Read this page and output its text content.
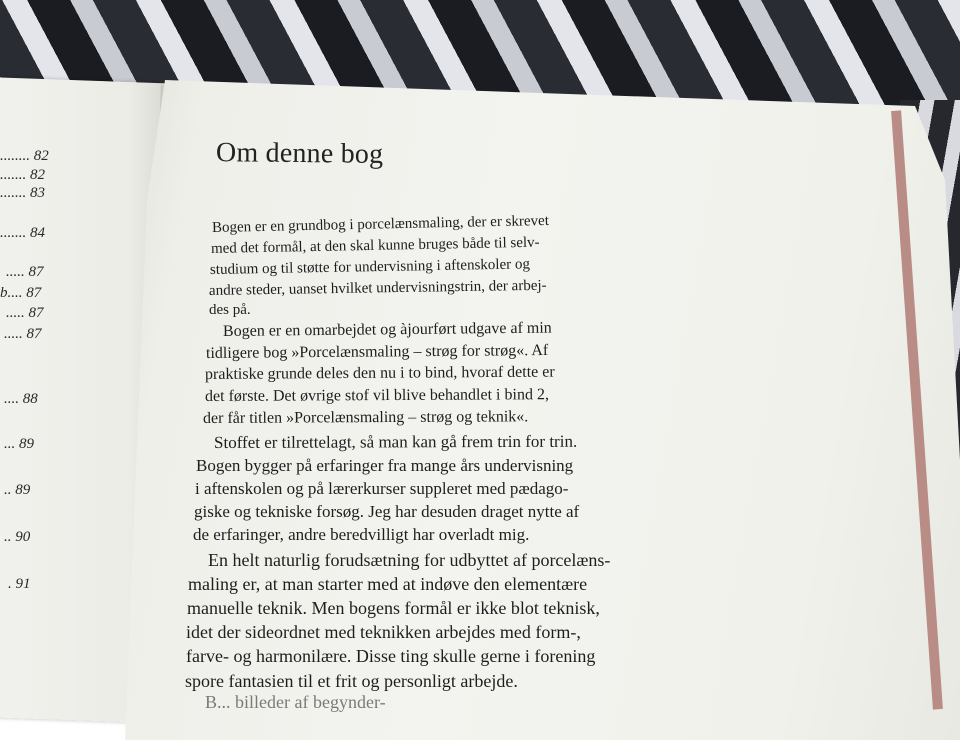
........ 82
....... 82
....... 83
....... 84
..... 87
b.... 87
..... 87
..... 87
.... 88
... 89
.. 89
.. 90
. 91
Om denne bog
Bogen er en grundbog i porcelænsmaling, der er skrevet
med det formål, at den skal kunne bruges både til selv-
studium og til støtte for undervisning i aftenskoler og
andre steder, uanset hvilket undervisningstrin, der arbej-
des på.
Bogen er en omarbejdet og àjourført udgave af min
tidligere bog »Porcelænsmaling – strøg for strøg«. Af
praktiske grunde deles den nu i to bind, hvoraf dette er
det første. Det øvrige stof vil blive behandlet i bind 2,
der får titlen »Porcelænsmaling – strøg og teknik«.
Stoffet er tilrettelagt, så man kan gå frem trin for trin.
Bogen bygger på erfaringer fra mange års undervisning
i aftenskolen og på lærerkurser suppleret med pædago-
giske og tekniske forsøg. Jeg har desuden draget nytte af
de erfaringer, andre beredvilligt har overladt mig.
En helt naturlig forudsætning for udbyttet af porcelæns-
maling er, at man starter med at indøve den elementære
manuelle teknik. Men bogens formål er ikke blot teknisk,
idet der sideordnet med teknikken arbejdes med form-,
farve- og harmonilære. Disse ting skulle gerne i forening
spore fantasien til et frit og personligt arbejde.
B... billeder af begynder-
